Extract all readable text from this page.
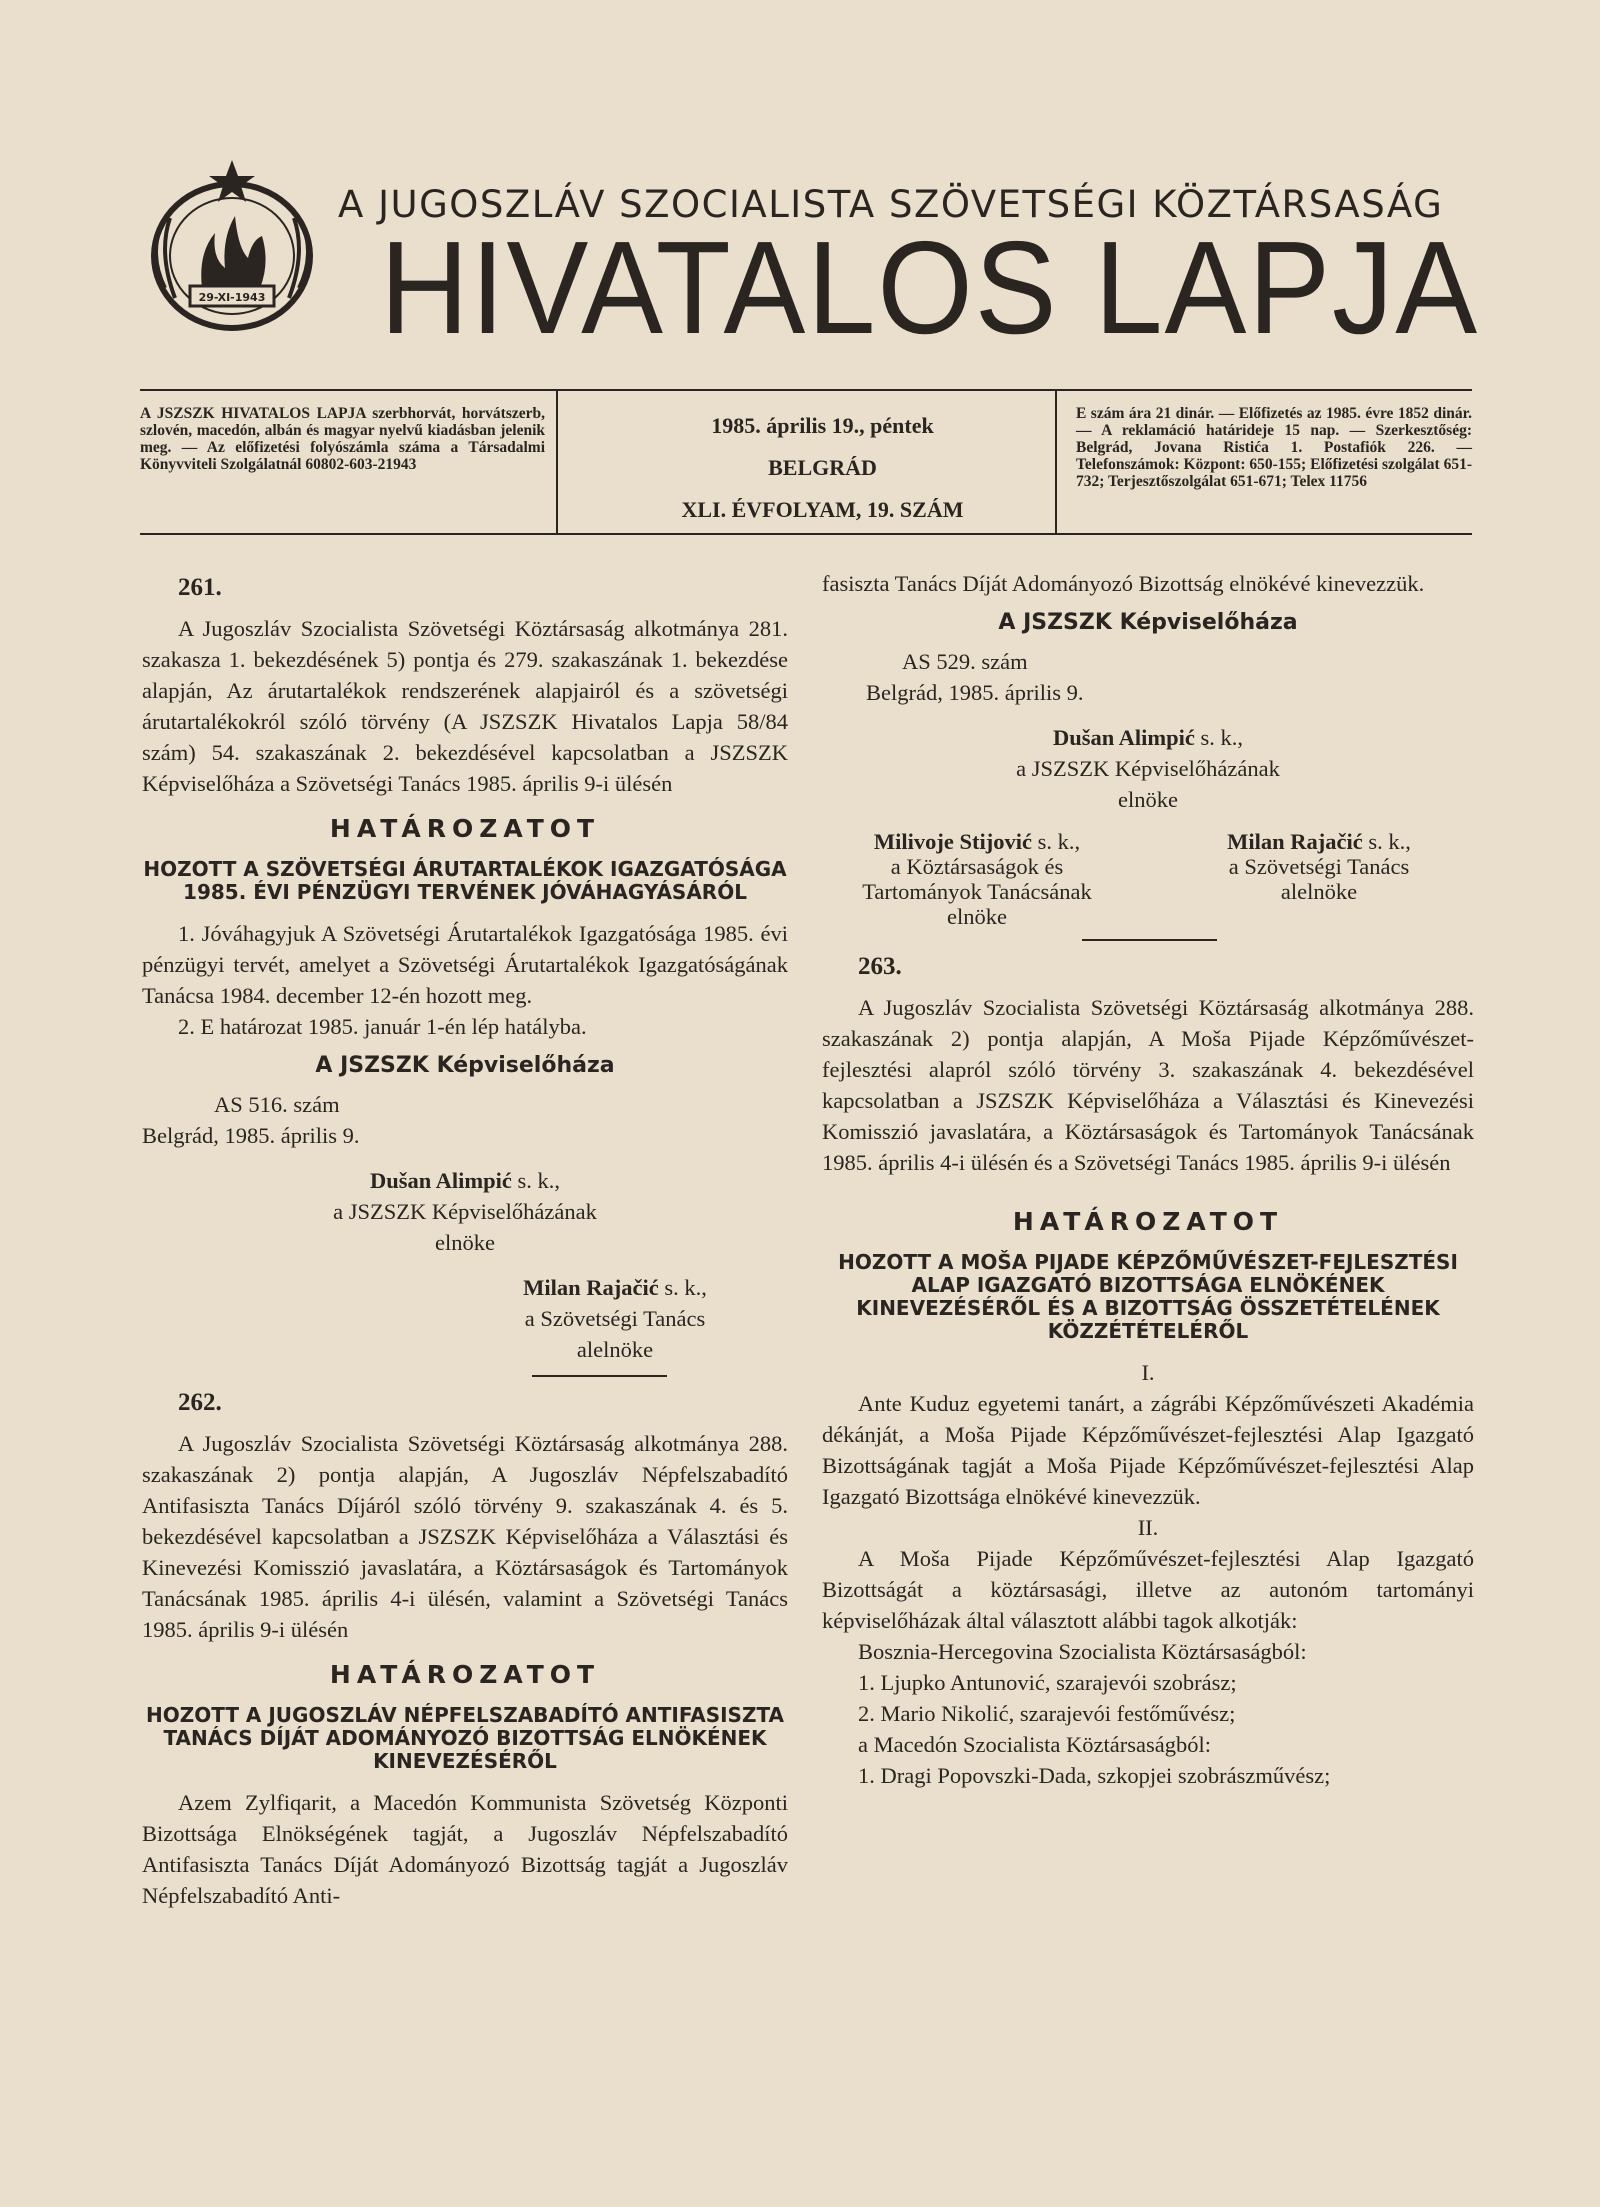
29-XI-1943
A JUGOSZLÁV SZOCIALISTA SZÖVETSÉGI KÖZTÁRSASÁG
HIVATALOS LAPJA
A JSZSZK HIVATALOS LAPJA szerbhorvát, horvátszerb, szlovén, macedón, albán és magyar nyelvű kiadásban jelenik meg. — Az előfizetési folyószámla száma a Társadalmi Könyvviteli Szolgálatnál 60802-603-21943
1985. április 19., péntek
BELGRÁD
XLI. ÉVFOLYAM, 19. SZÁM
E szám ára 21 dinár. — Előfizetés az 1985. évre 1852 dinár. — A reklamáció határideje 15 nap. — Szerkesztőség: Belgrád, Jovana Ristića 1. Postafiók 226. — Telefonszámok: Központ: 650-155; Előfizetési szolgálat 651-732; Terjesztőszolgálat 651-671; Telex 11756

261.

A Jugoszláv Szocialista Szövetségi Köztársaság alkotmánya 281. szakasza 1. bekezdésének 5) pontja és 279. szakaszának 1. bekezdése alapján, Az árutartalékok rendszerének alapjairól és a szövetségi árutartalékokról szóló törvény (A JSZSZK Hivatalos Lapja 58/84 szám) 54. szakaszának 2. bekezdésével kapcsolatban a JSZSZK Képviselőháza a Szövetségi Tanács 1985. április 9-i ülésén

HATÁROZATOT

HOZOTT A SZÖVETSÉGI ÁRUTARTALÉKOK IGAZGATÓSÁGA 1985. ÉVI PÉNZÜGYI TERVÉNEK JÓVÁHAGYÁSÁRÓL

1. Jóváhagyjuk A Szövetségi Árutartalékok Igazgatósága 1985. évi pénzügyi tervét, amelyet a Szövetségi Árutartalékok Igazgatóságának Tanácsa 1984. december 12-én hozott meg.

2. E határozat 1985. január 1-én lép hatályba.

A JSZSZK Képviselőháza

AS 516. szám

Belgrád, 1985. április 9.

Dušan Alimpić s. k.,

a JSZSZK Képviselőházának

elnöke

Milan Rajačić s. k.,

a Szövetségi Tanács

alelnöke

262.

A Jugoszláv Szocialista Szövetségi Köztársaság alkotmánya 288. szakaszának 2) pontja alapján, A Jugoszláv Népfelszabadító Antifasiszta Tanács Díjáról szóló törvény 9. szakaszának 4. és 5. bekezdésével kapcsolatban a JSZSZK Képviselőháza a Választási és Kinevezési Komisszió javaslatára, a Köztársaságok és Tartományok Tanácsának 1985. április 4-i ülésén, valamint a Szövetségi Tanács 1985. április 9-i ülésén

HATÁROZATOT

HOZOTT A JUGOSZLÁV NÉPFELSZABADÍTÓ ANTIFASISZTA TANÁCS DÍJÁT ADOMÁNYOZÓ BIZOTTSÁG ELNÖKÉNEK KINEVEZÉSÉRŐL

Azem Zylfiqarit, a Macedón Kommunista Szövetség Központi Bizottsága Elnökségének tagját, a Jugoszláv Népfelszabadító Antifasiszta Tanács Díját Adományozó Bizottság tagját a Jugoszláv Népfelszabadító Anti-

fasiszta Tanács Díját Adományozó Bizottság elnökévé kinevezzük.

A JSZSZK Képviselőháza

AS 529. szám

Belgrád, 1985. április 9.

Dušan Alimpić s. k.,

a JSZSZK Képviselőházának

elnöke

Milivoje Stijović s. k.,
a Köztársaságok és
Tartományok Tanácsának
elnöke
Milan Rajačić s. k.,
a Szövetségi Tanács
alelnöke

263.

A Jugoszláv Szocialista Szövetségi Köztársaság alkotmánya 288. szakaszának 2) pontja alapján, A Moša Pijade Képzőművészet-fejlesztési alapról szóló törvény 3. szakaszának 4. bekezdésével kapcsolatban a JSZSZK Képviselőháza a Választási és Kinevezési Komisszió javaslatára, a Köztársaságok és Tartományok Tanácsának 1985. április 4-i ülésén és a Szövetségi Tanács 1985. április 9-i ülésén

HATÁROZATOT

HOZOTT A MOŠA PIJADE KÉPZŐMŰVÉSZET-FEJLESZTÉSI ALAP IGAZGATÓ BIZOTTSÁGA ELNÖKÉNEK KINEVEZÉSÉRŐL ÉS A BIZOTTSÁG ÖSSZETÉTELÉNEK KÖZZÉTÉTELÉRŐL

I.

Ante Kuduz egyetemi tanárt, a zágrábi Képzőművészeti Akadémia dékánját, a Moša Pijade Képzőművészet-fejlesztési Alap Igazgató Bizottságának tagját a Moša Pijade Képzőművészet-fejlesztési Alap Igazgató Bizottsága elnökévé kinevezzük.

II.

A Moša Pijade Képzőművészet-fejlesztési Alap Igazgató Bizottságát a köztársasági, illetve az autonóm tartományi képviselőházak által választott alábbi tagok alkotják:

Bosznia-Hercegovina Szocialista Köztársaságból:

1. Ljupko Antunović, szarajevói szobrász;

2. Mario Nikolić, szarajevói festőművész;

a Macedón Szocialista Köztársaságból:

1. Dragi Popovszki-Dada, szkopjei szobrászművész;
